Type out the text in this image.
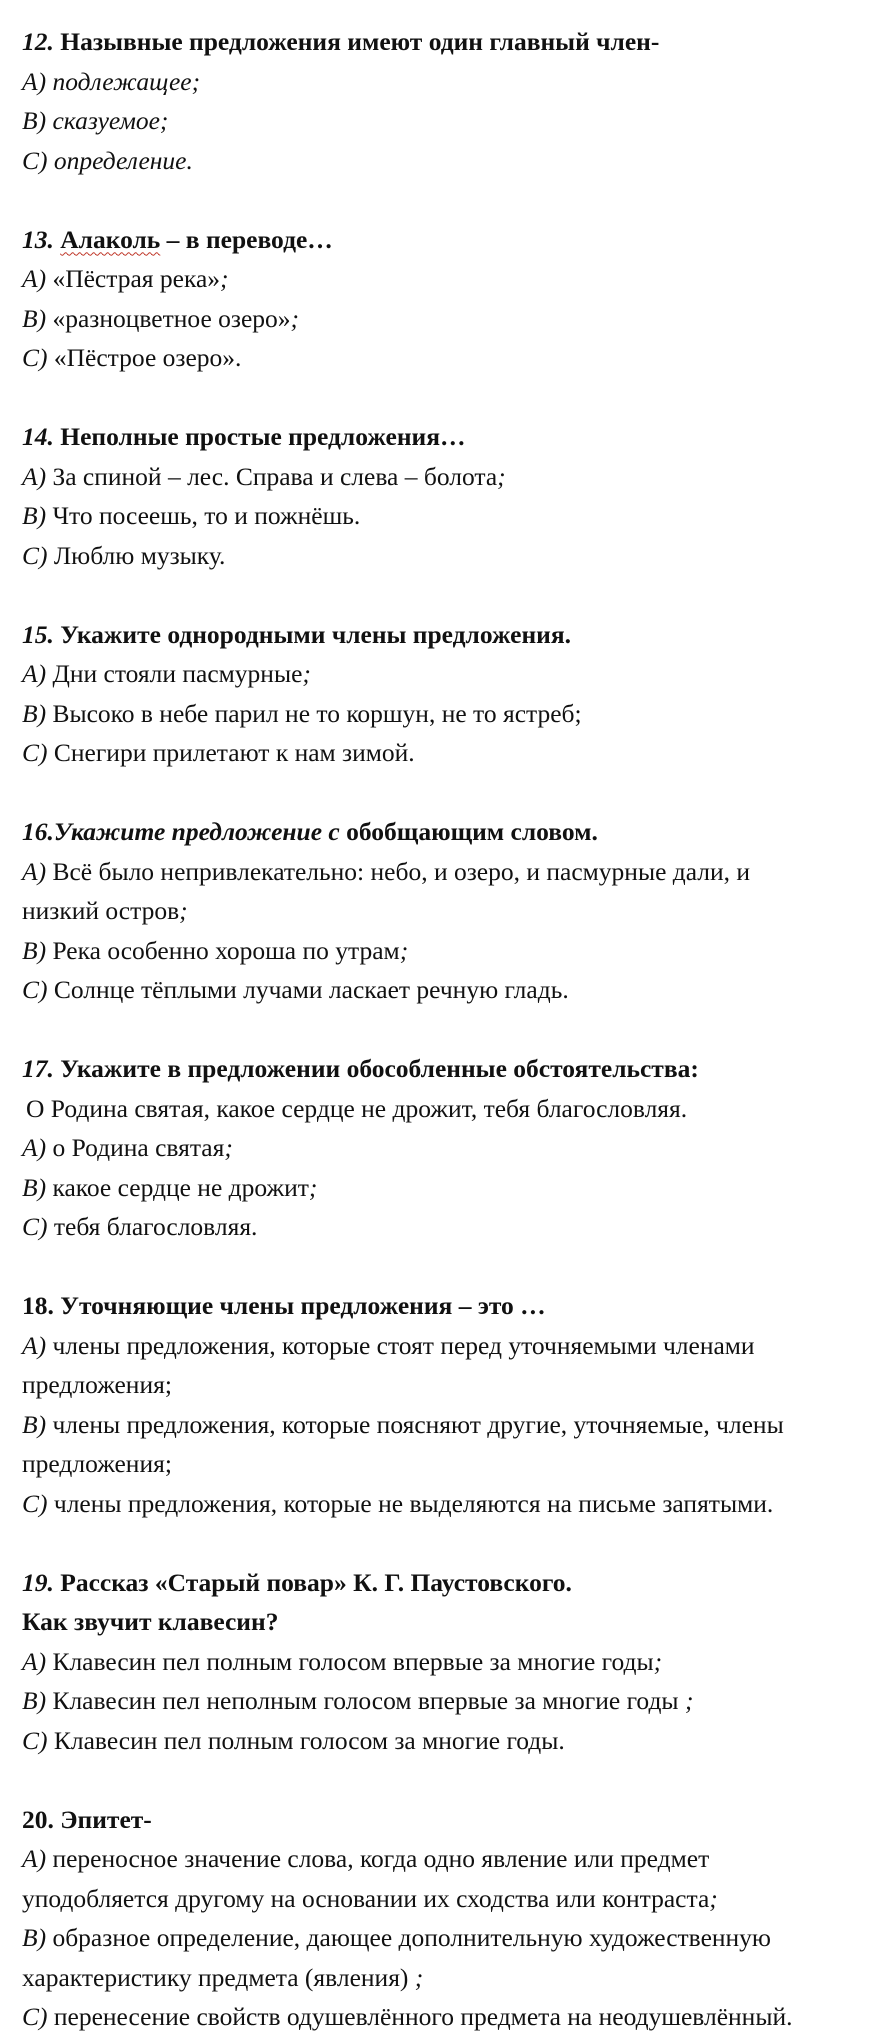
12. Назывные предложения имеют один главный член-
A) подлежащее;
B) сказуемое;
C) определение.
13. Алаколь – в переводе…
A) «Пёстрая река»;
B) «разноцветное озеро»;
C) «Пёстрое озеро».
14. Неполные простые предложения…
A) За спиной – лес. Справа и слева – болота;
B) Что посеешь, то и пожнёшь.
C) Люблю музыку.
15. Укажите однородными члены предложения.
A) Дни стояли пасмурные;
B) Высоко в небе парил не то коршун, не то ястреб;
C) Снегири прилетают к нам зимой.
16.Укажите предложение с обобщающим словом.
A) Всё было непривлекательно: небо, и озеро, и пасмурные дали, и
низкий остров;
B) Река особенно хороша по утрам;
C) Солнце тёплыми лучами ласкает речную гладь.
17. Укажите в предложении обособленные обстоятельства:
О Родина святая, какое сердце не дрожит, тебя благословляя.
A) о Родина святая;
B) какое сердце не дрожит;
C) тебя благословляя.
18. Уточняющие члены предложения – это …
A) члены предложения, которые стоят перед уточняемыми членами
предложения;
B) члены предложения, которые поясняют другие, уточняемые, члены
предложения;
C) члены предложения, которые не выделяются на письме запятыми.
19. Рассказ «Старый повар» К. Г. Паустовского.
Как звучит клавесин?
A) Клавесин пел полным голосом впервые за многие годы;
B) Клавесин пел неполным голосом впервые за многие годы ;
C) Клавесин пел полным голосом за многие годы.
20. Эпитет-
A) переносное значение слова, когда одно явление или предмет
уподобляется другому на основании их сходства или контраста;
B) образное определение, дающее дополнительную художественную
характеристику предмета (явления) ;
C) перенесение свойств одушевлённого предмета на неодушевлённый.
